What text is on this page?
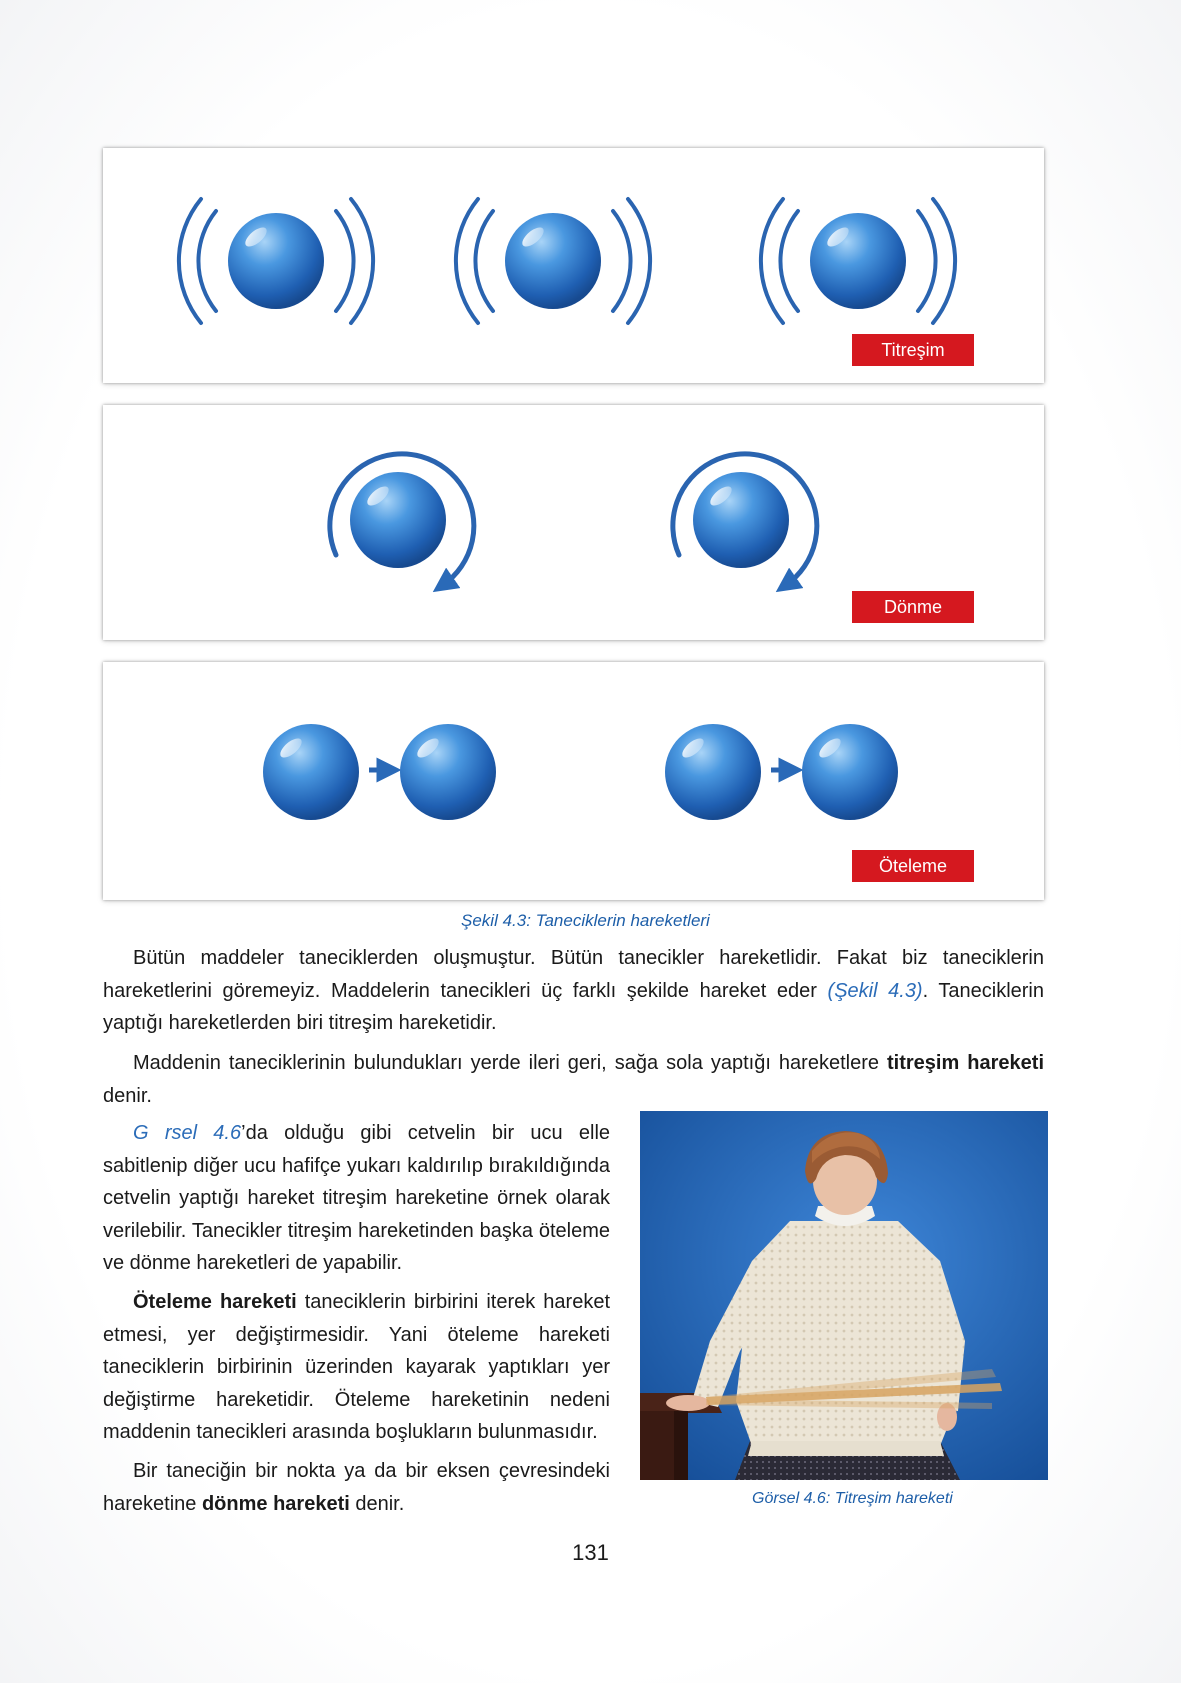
Titreşim
Dönme
Öteleme
Şekil 4.3: Taneciklerin hareketleri

Bütün maddeler taneciklerden oluşmuştur. Bütün tanecikler hareketlidir. Fakat biz taneciklerin hareketlerini göremeyiz. Maddelerin tanecikleri üç farklı şekilde hareket eder (Şekil 4.3). Taneciklerin yaptığı hareketlerden biri titreşim hareketidir.

Maddenin taneciklerinin bulundukları yerde ileri geri, sağa sola yaptığı hareketlere titreşim hareketi denir.

G rsel 4.6’da olduğu gibi cetvelin bir ucu elle sabitlenip diğer ucu hafifçe yukarı kaldırılıp bırakıldığında cetvelin yaptığı hareket titreşim hareketine örnek olarak verilebilir. Tanecikler titreşim hareketinden başka öteleme ve dönme hareketleri de yapabilir.

Öteleme hareketi taneciklerin birbirini iterek hareket etmesi, yer değiştirmesidir. Yani öteleme hareketi taneciklerin birbirinin üzerinden kayarak yaptıkları yer değiştirme hareketidir. Öteleme hareketinin nedeni maddenin tanecikleri arasında boşlukların bulunmasıdır.

Bir taneciğin bir nokta ya da bir eksen çevresindeki hareketine dönme hareketi denir.	Görsel 4.6: Titreşim hareketi
131
